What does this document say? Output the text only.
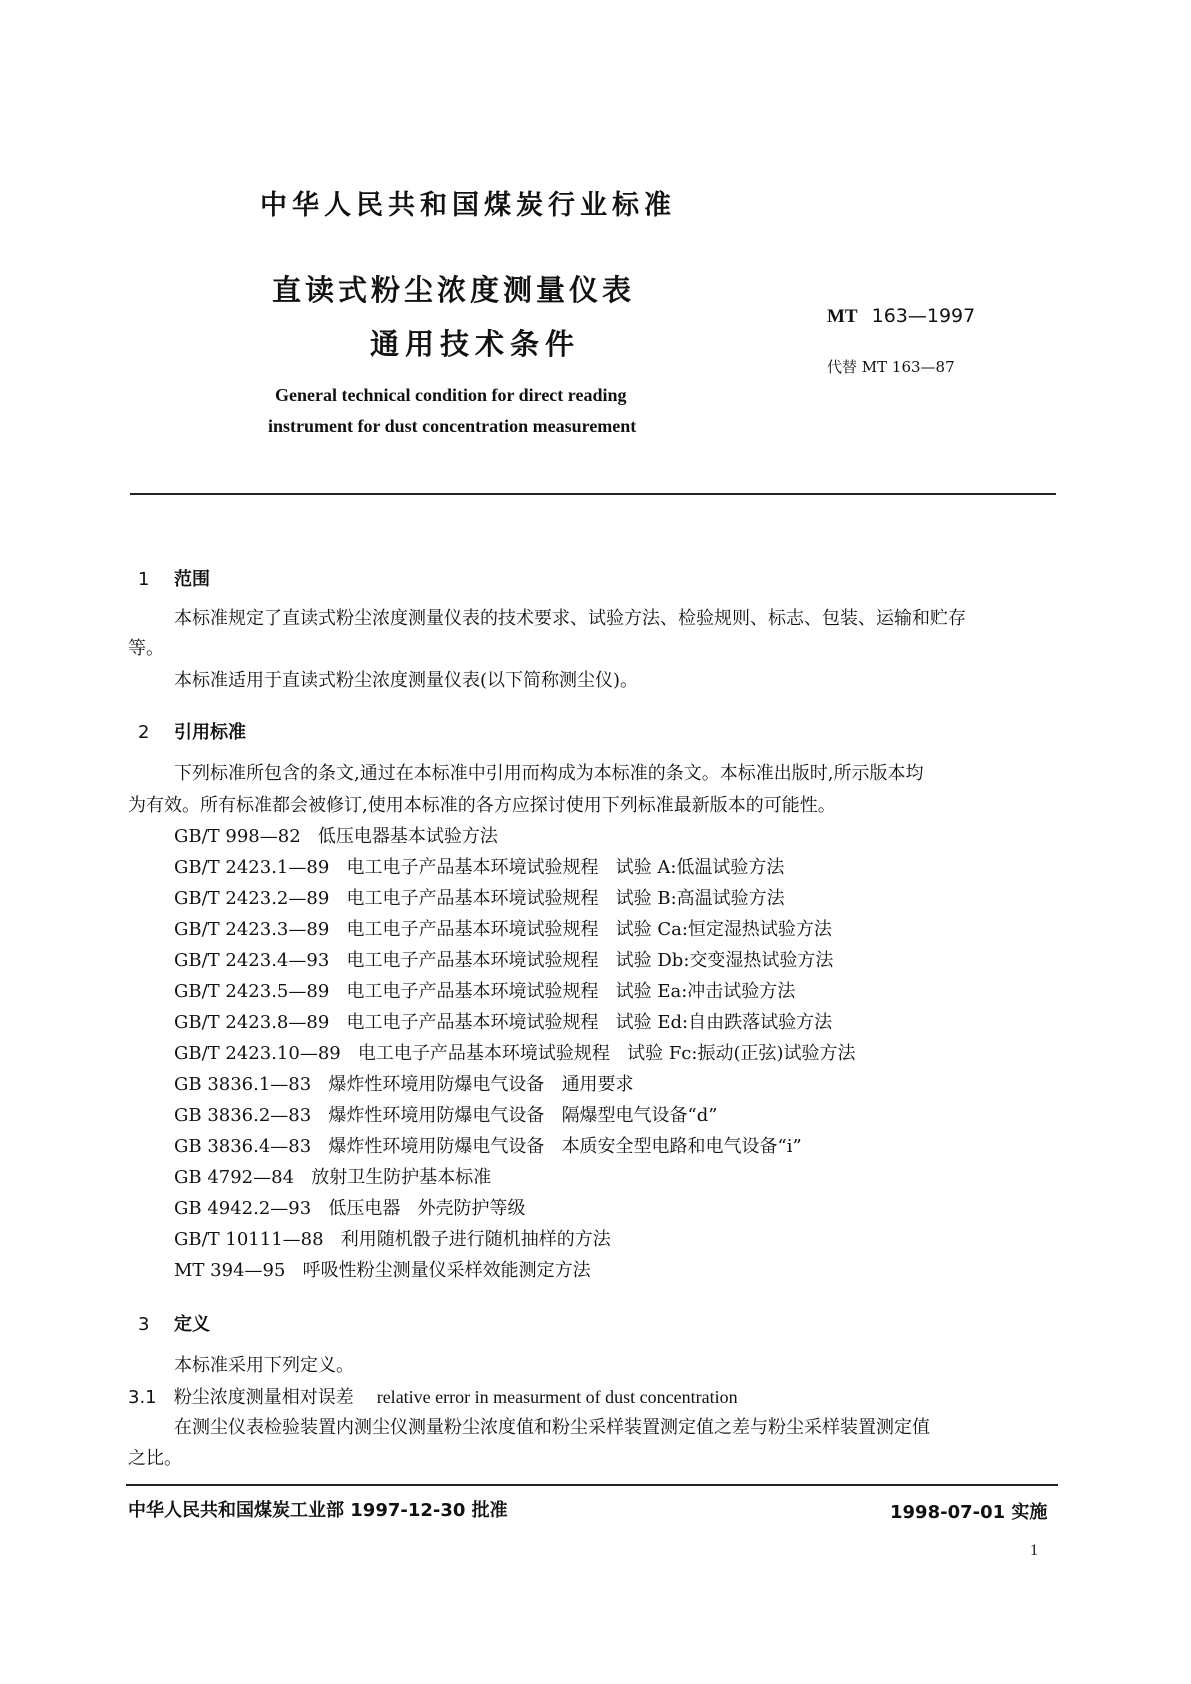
中华人民共和国煤炭行业标准
直读式粉尘浓度测量仪表
通用技术条件
General technical condition for direct reading
instrument for dust concentration measurement
MT 163—1997
代替 MT 163—87
1 范围
本标准规定了直读式粉尘浓度测量仪表的技术要求、试验方法、检验规则、标志、包装、运输和贮存
等。
本标准适用于直读式粉尘浓度测量仪表(以下简称测尘仪)。
2 引用标准
下列标准所包含的条文,通过在本标准中引用而构成为本标准的条文。本标准出版时,所示版本均
为有效。所有标准都会被修订,使用本标准的各方应探讨使用下列标准最新版本的可能性。
GB/T 998—82 低压电器基本试验方法
GB/T 2423.1—89 电工电子产品基本环境试验规程 试验 A:低温试验方法
GB/T 2423.2—89 电工电子产品基本环境试验规程 试验 B:高温试验方法
GB/T 2423.3—89 电工电子产品基本环境试验规程 试验 Ca:恒定湿热试验方法
GB/T 2423.4—93 电工电子产品基本环境试验规程 试验 Db:交变湿热试验方法
GB/T 2423.5—89 电工电子产品基本环境试验规程 试验 Ea:冲击试验方法
GB/T 2423.8—89 电工电子产品基本环境试验规程 试验 Ed:自由跌落试验方法
GB/T 2423.10—89 电工电子产品基本环境试验规程 试验 Fc:振动(正弦)试验方法
GB 3836.1—83 爆炸性环境用防爆电气设备 通用要求
GB 3836.2—83 爆炸性环境用防爆电气设备 隔爆型电气设备“d”
GB 3836.4—83 爆炸性环境用防爆电气设备 本质安全型电路和电气设备“i”
GB 4792—84 放射卫生防护基本标准
GB 4942.2—93 低压电器 外壳防护等级
GB/T 10111—88 利用随机骰子进行随机抽样的方法
MT 394—95 呼吸性粉尘测量仪采样效能测定方法
3 定义
本标准采用下列定义。
3.1 粉尘浓度测量相对误差 relative error in measurment of dust concentration
在测尘仪表检验装置内测尘仪测量粉尘浓度值和粉尘采样装置测定值之差与粉尘采样装置测定值
之比。
中华人民共和国煤炭工业部 1997-12-30 批准	1998-07-01 实施
1
